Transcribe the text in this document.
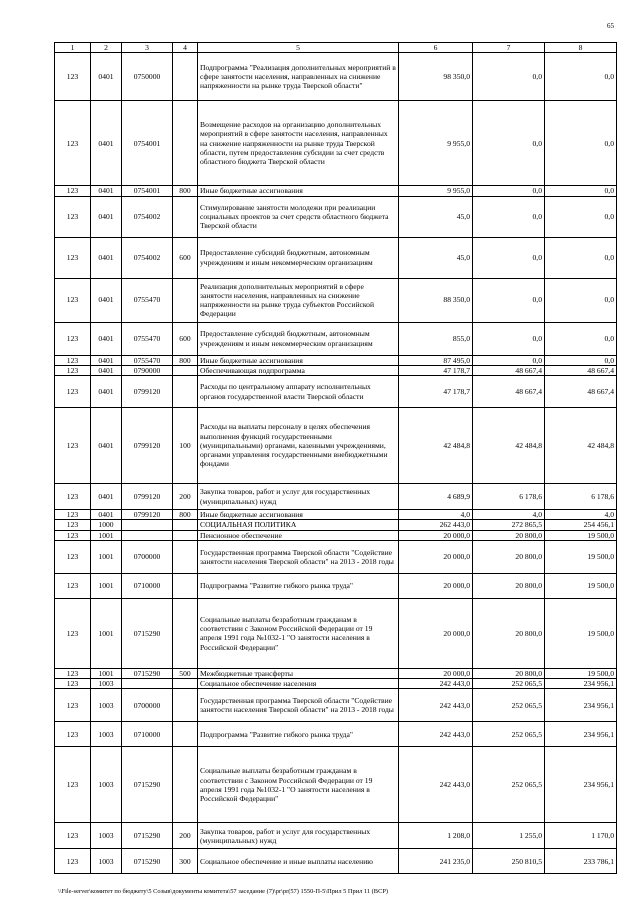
65
1	2	3	4	5	6	7	8
123	0401	0750000		Подпрограмма "Реализация дополнительных мероприятий в сфере занятости населения, направленных на снижение напряженности на рынке труда Тверской области"	98 350,0	0,0	0,0
123	0401	0754001		Возмещение расходов на организацию дополнительных мероприятий в сфере занятости населения, направленных на снижение напряженности на рынке труда Тверской области, путем предоставления субсидии за счет средств областного бюджета Тверской области	9 955,0	0,0	0,0
123	0401	0754001	800	Иные бюджетные ассигнования	9 955,0	0,0	0,0
123	0401	0754002		Стимулирование занятости молодежи при реализации социальных проектов за счет средств областного бюджета Тверской области	45,0	0,0	0,0
123	0401	0754002	600	Предоставление субсидий бюджетным, автономным учреждениям и иным некоммерческим организациям	45,0	0,0	0,0
123	0401	0755470		Реализация дополнительных мероприятий в сфере занятости населения, направленных на снижение напряженности на рынке труда субъектов Российской Федерации	88 350,0	0,0	0,0
123	0401	0755470	600	Предоставление субсидий бюджетным, автономным учреждениям и иным некоммерческим организациям	855,0	0,0	0,0
123	0401	0755470	800	Иные бюджетные ассигнования	87 495,0	0,0	0,0
123	0401	0790000		Обеспечивающая подпрограмма	47 178,7	48 667,4	48 667,4
123	0401	0799120		Расходы по центральному аппарату исполнительных органов государственной власти Тверской области	47 178,7	48 667,4	48 667,4
123	0401	0799120	100	Расходы на выплаты персоналу в целях обеспечения выполнения функций государственными (муниципальными) органами, казенными учреждениями, органами управления государственными внебюджетными фондами	42 484,8	42 484,8	42 484,8
123	0401	0799120	200	Закупка товаров, работ и услуг для государственных (муниципальных) нужд	4 689,9	6 178,6	6 178,6
123	0401	0799120	800	Иные бюджетные ассигнования	4,0	4,0	4,0
123	1000			СОЦИАЛЬНАЯ ПОЛИТИКА	262 443,0	272 865,5	254 456,1
123	1001			Пенсионное обеспечение	20 000,0	20 800,0	19 500,0
123	1001	0700000		Государственная программа Тверской области "Содействие занятости населения Тверской области" на 2013 - 2018 годы	20 000,0	20 800,0	19 500,0
123	1001	0710000		Подпрограмма "Развитие гибкого рынка труда"	20 000,0	20 800,0	19 500,0
123	1001	0715290		Социальные выплаты безработным гражданам в соответствии с Законом Российской Федерации от 19 апреля 1991 года №1032-1 "О занятости населения в Российской Федерации"	20 000,0	20 800,0	19 500,0
123	1001	0715290	500	Межбюджетные трансферты	20 000,0	20 800,0	19 500,0
123	1003			Социальное обеспечение населения	242 443,0	252 065,5	234 956,1
123	1003	0700000		Государственная программа Тверской области "Содействие занятости населения Тверской области" на 2013 - 2018 годы	242 443,0	252 065,5	234 956,1
123	1003	0710000		Подпрограмма "Развитие гибкого рынка труда"	242 443,0	252 065,5	234 956,1
123	1003	0715290		Социальные выплаты безработным гражданам в соответствии с Законом Российской Федерации от 19 апреля 1991 года №1032-1 "О занятости населения в Российской Федерации"	242 443,0	252 065,5	234 956,1
123	1003	0715290	200	Закупка товаров, работ и услуг для государственных (муниципальных) нужд	1 208,0	1 255,0	1 170,0
123	1003	0715290	300	Социальное обеспечение и иные выплаты населению	241 235,0	250 810,5	233 786,1
\\File-server\комитет по бюджету\5 Созыв\документы комитета\57 заседание (7)\pr\pr(57) 1550-П-5\Прил 5 Прил 11 (ВСР)
